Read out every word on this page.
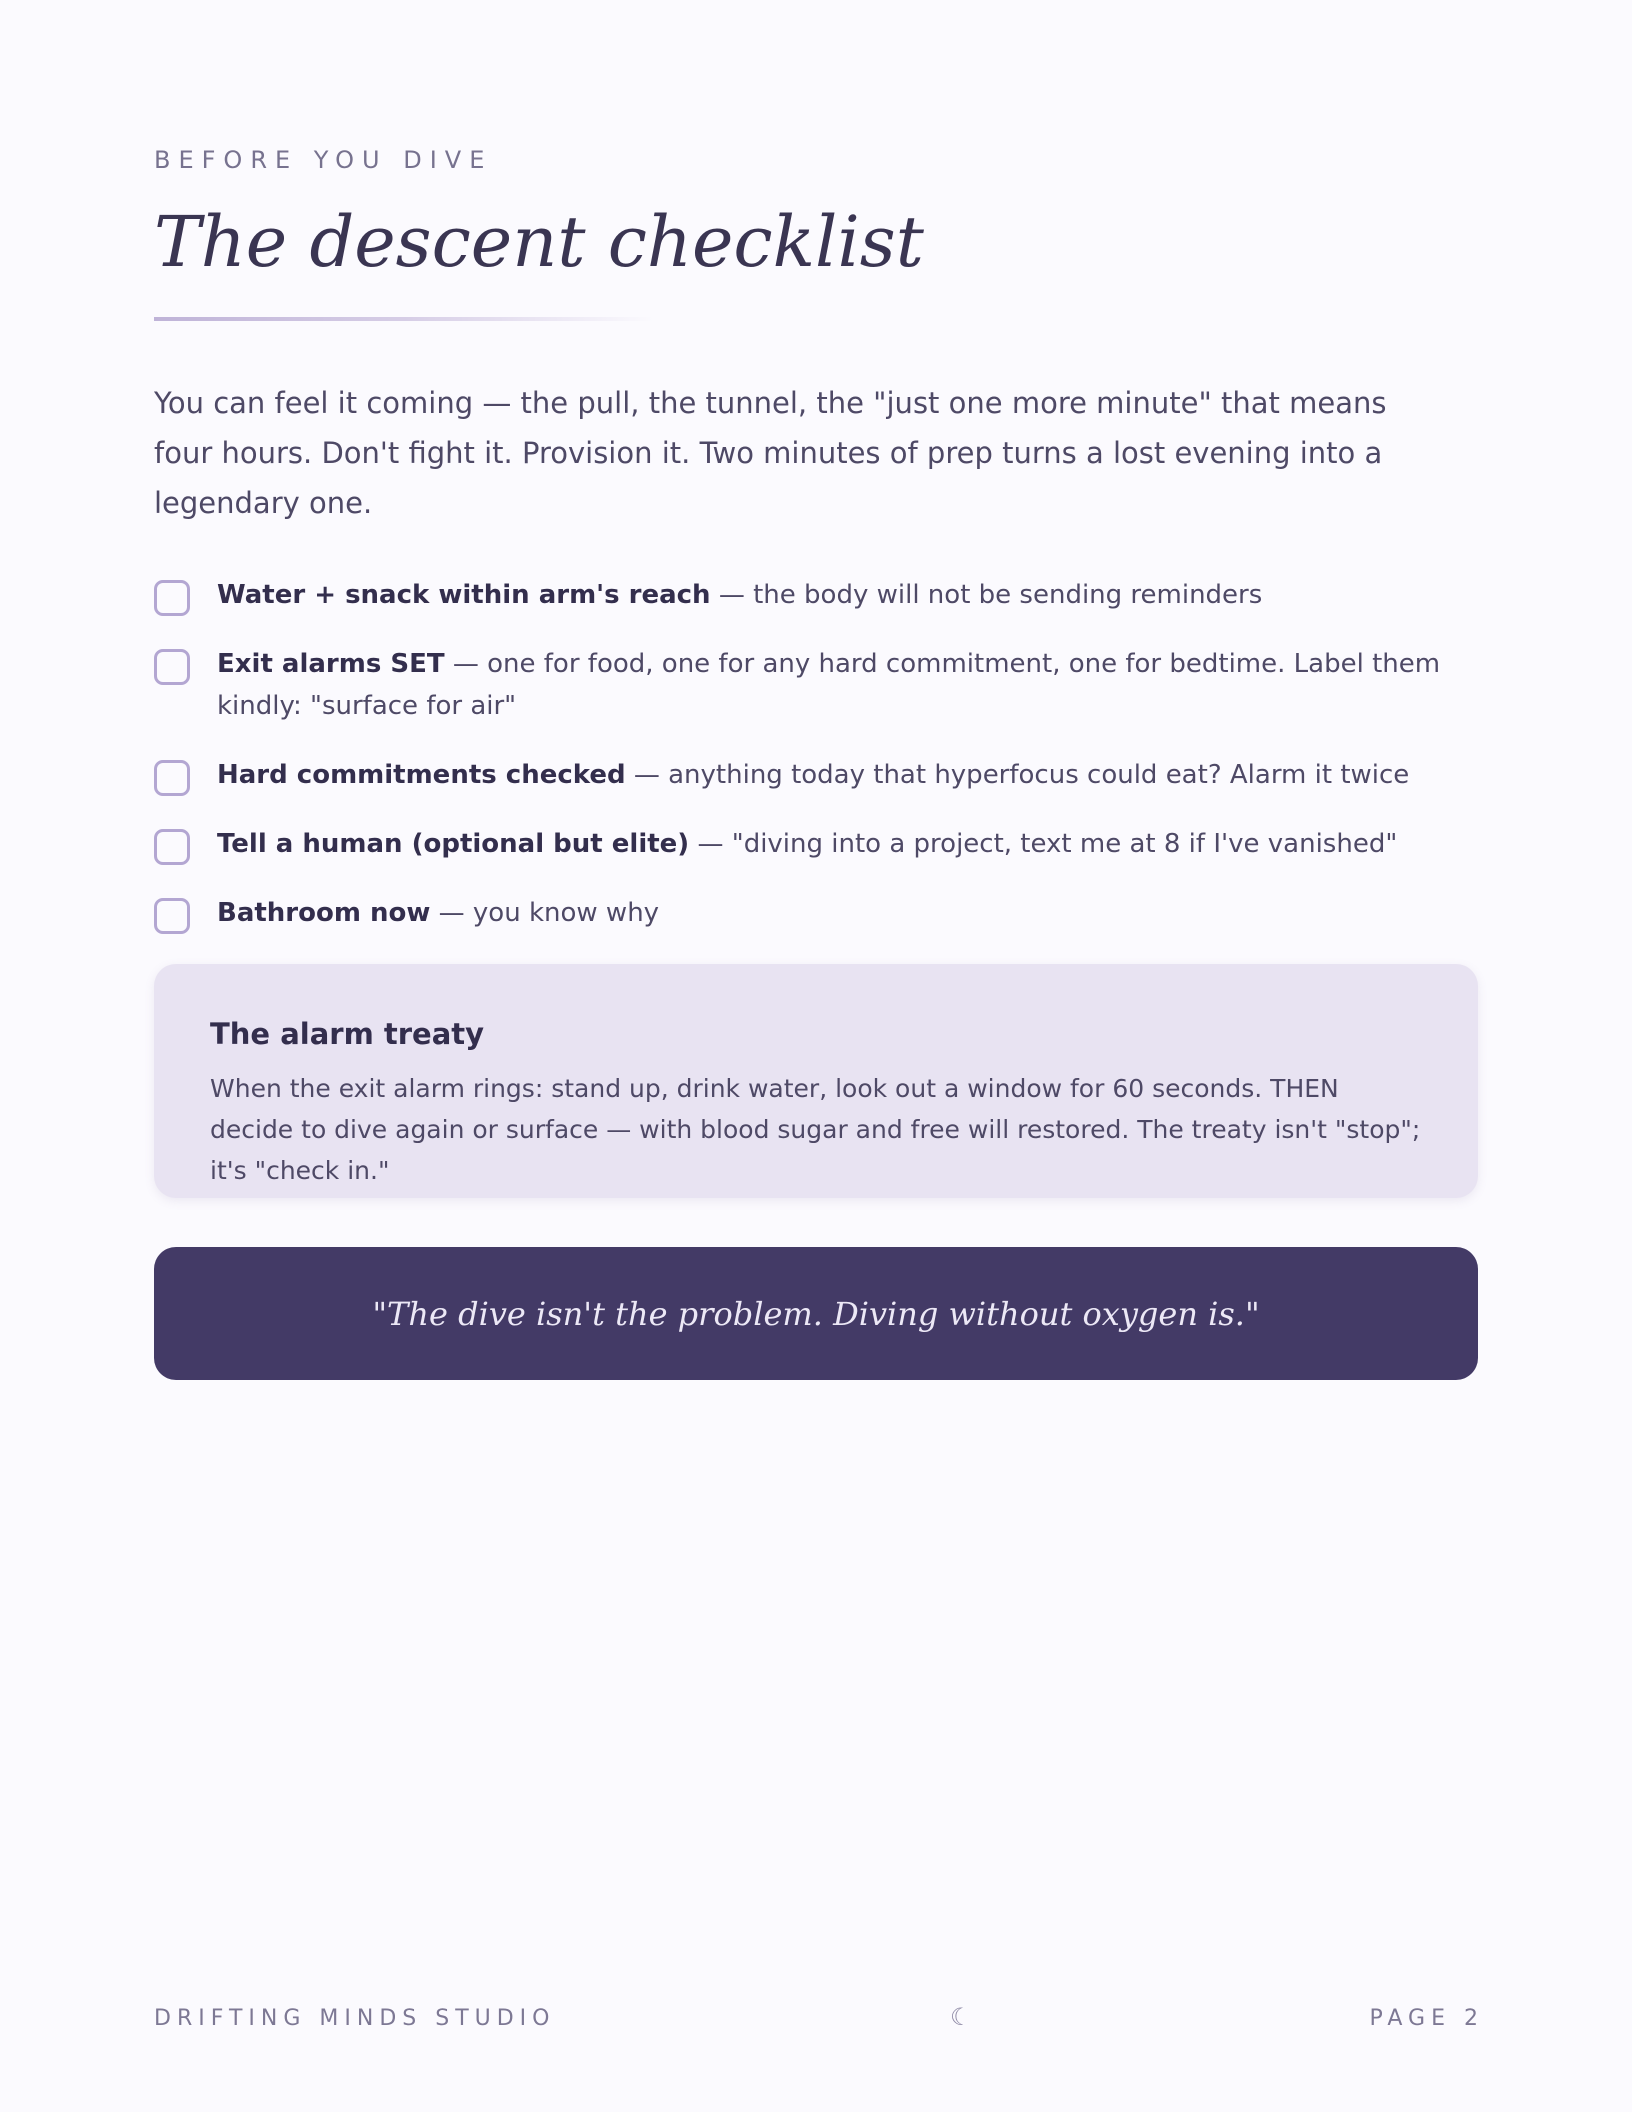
BEFORE YOU DIVE
The descent checklist

You can feel it coming — the pull, the tunnel, the "just one more minute" that means four hours. Don't fight it. Provision it. Two minutes of prep turns a lost evening into a legendary one.

Water + snack within arm's reach — the body will not be sending reminders
Exit alarms SET — one for food, one for any hard commitment, one for bedtime. Label them kindly: "surface for air"
Hard commitments checked — anything today that hyperfocus could eat? Alarm it twice
Tell a human (optional but elite) — "diving into a project, text me at 8 if I've vanished"
Bathroom now — you know why
The alarm treaty

When the exit alarm rings: stand up, drink water, look out a window for 60 seconds. THEN decide to dive again or surface — with blood sugar and free will restored. The treaty isn't "stop"; it's "check in."

"The dive isn't the problem. Diving without oxygen is."

DRIFTING MINDS STUDIO	☾	PAGE 2
